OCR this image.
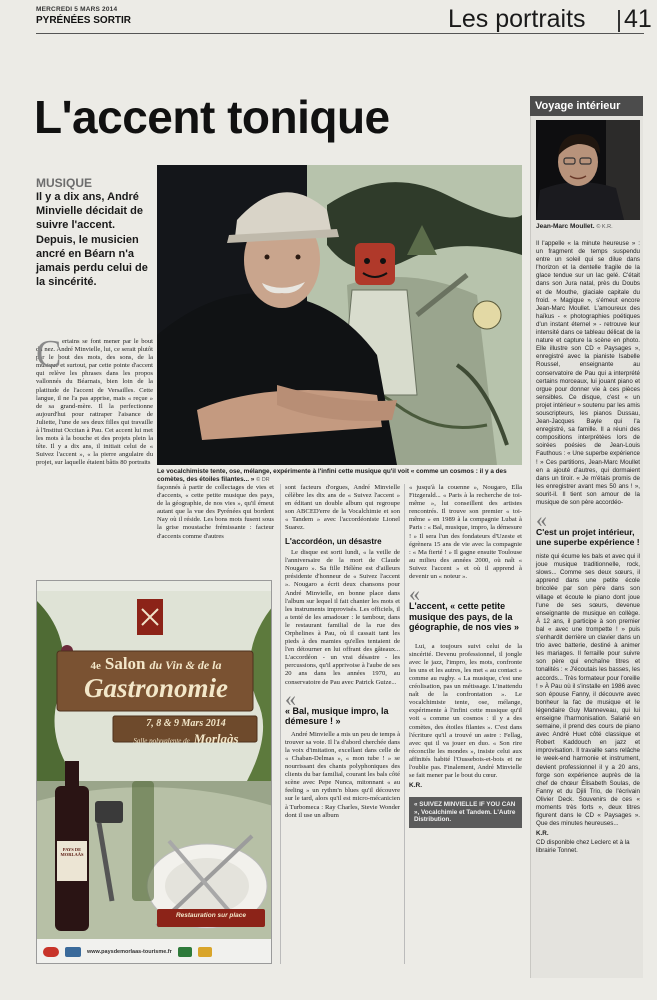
MERCREDI 5 MARS 2014
PYRÉNÉES SORTIR	Les portraits 41
L'accent tonique
MUSIQUE
Il y a dix ans, André Minvielle décidait de suivre l'accent. Depuis, le musicien ancré en Béarn n'a jamais perdu celui de la sincérité.
Le vocalchimiste tente, ose, mélange, expérimente à l'infini cette musique qu'il voit « comme un cosmos : il y a des comètes, des étoiles filantes... » © DR
C ertains se font mener par le bout du nez. André Minvielle, lui, ce serait plutôt par le bout des mots, des sons, de la musique et surtout, par cette pointe d'accent qui relève les phrases dans les propos vallonnés du Béarnais, bien loin de la platitude de l'accent de Versailles. Cette langue, il ne l'a pas apprise, mais « reçue » de sa grand-mère. Il la perfectionne aujourd'hui pour rattraper l'aisance de Juliette, l'une de ses deux filles qui travaille à l'Institut Occitan à Pau. Cet accent lui met les mots à la bouche et des projets plein la tête. Il y a dix ans, il initiait celui de « Suivez l'accent », « la pierre angulaire du projet, sur laquelle étaient bâtis 80 portraits

façonnés à partir de collectages de vies et d'accents, « cette petite musique des pays, de la géographie, de nos vies », qu'il émeut autant que la vue des Pyrénées qui bordent Nay où il réside. Les bons mots fusent sous la grise moustache frémissante : facteur d'accents comme d'autres

sont facteurs d'orgues, André Minvielle célèbre les dix ans de « Suivez l'accent » en éditant un double album qui regroupe son ABCED'erre de la Vocalchimie et son « Tandem » avec l'accordéoniste Lionel Suarez.

L'accordéon, un désastre

Le disque est sorti lundi, « la veille de l'anniversaire de la mort de Claude Nougaro ». Sa fille Hélène est d'ailleurs présidente d'honneur de « Suivez l'accent ». Nougaro a écrit deux chansons pour André Minvielle, en bonne place dans l'album sur lequel il fait chanter les mots et les instruments improvisés. Les officiels, il a tenté de les amadouer : le tambour, dans le restaurant familial de la rue des Orphelines à Pau, où il cassait tant les pieds à des mamies qu'elles tentaient de l'en détourner en lui offrant des gâteaux... L'accordéon - un vrai désastre - les percussions, qu'il apprivoise à l'aube de ses 20 ans dans les années 1970, au conservatoire de Pau avec Patrick Guize...

«
« Bal, musique impro, la démesure ! »

André Minvielle a mis un peu de temps à trouver sa voie. Il l'a d'abord cherchée dans la voix d'imitation, excellant dans celle de « Chaban-Delmas », « mon tube ! » se nourrissant des chants polyphoniques des clients du bar familial, courant les bals côté scène avec Pepe Nunca, mitonnant « au feeling » un rythm'n blues qu'il découvre sur le tard, alors qu'il est micro-mécanicien à Turbomeca : Ray Charles, Stevie Wonder dont il use un album

« jusqu'à la couenne », Nougaro, Ella Fitzgerald... « Paris à la recherche de toi-même », lui conseillent des artistes rencontrés. Il trouve son premier « toi-même » en 1989 à la compagnie Lubat à Paris : « Bal, musique, impro, la démesure ! » Il sera l'un des fondateurs d'Uzeste et égrènera 15 ans de vie avec la compagnie : « Ma fierté ! » Il gagne ensuite Toulouse au milieu des années 2000, où naît « Suivez l'accent » et où il apprend à devenir un « noteur ».

«
L'accent, « cette petite musique des pays, de la géographie, de nos vies »

Lui, a toujours suivi celui de la sincérité. Devenu professionnel, il jongle avec le jazz, l'impro, les mots, confronte les uns et les autres, les met « au contact » comme au rugby. « La musique, c'est une créolisation, pas un métissage. L'inattendu naît de la confrontation ». Le vocalchimiste tente, ose, mélange, expérimente à l'infini cette musique qu'il voit « comme un cosmos : il y a des comètes, des étoiles filantes ». C'est dans l'écriture qu'il a trouvé un astre : Fellag, avec qui il va jouer en duo. « Son rire réconcilie les mondes », insiste celui aux affinités habité l'Oussebois-et-bois et ne l'oublie pas. Finalement, André Minvielle se fait mener par le bout du cœur.

K.R.
« SUIVEZ MINVIELLE IF YOU CAN », Vocalchimie et Tandem. L'Autre Distribution.
4e Salon du Vin & de la
Gastronomie
7, 8 & 9 Mars 2014
Salle polyvalente de Morlaàs
PAYS DE MORLAÀS
Restauration sur place
www.paysdemorlaas-tourisme.fr
Voyage intérieur
Jean-Marc Moullet. © K.R.

Il l'appelle « la minute heureuse » : un fragment de temps suspendu entre un soleil qui se dilue dans l'horizon et la dentelle fragile de la glace tendue sur un lac gelé. C'était dans son Jura natal, près du Doubs et de Mouthe, glaciale capitale du froid. « Magique », s'émeut encore Jean-Marc Moullet. L'amoureux des haïkus - « photographies poétiques d'un instant éternel » - retrouve leur intensité dans ce tableau délicat de la nature et capture la scène en photo. Elle illustre son CD « Paysages », enregistré avec la pianiste Isabelle Roussel, enseignante au conservatoire de Pau qui a interprété certains morceaux, lui jouant piano et orgue pour donner vie à ces pièces sensibles. Ce disque, c'est « un projet intérieur » soutenu par les amis souscripteurs, les pianos Dussau, Jean-Jacques Bayle qui l'a enregistré, sa famille. Il a réuni des compositions interprétées lors de soirées poésies de Jean-Louis Fauthous : « Une superbe expérience ! » Ces partitions, Jean-Marc Moullet en a ajouté d'autres, qui dormaient dans un tiroir. « Je m'étais promis de les enregistrer avant mes 50 ans ! », sourit-il. Il tient son amour de la musique de son père accordéo-

«
C'est un projet intérieur, une superbe expérience !

niste qui écume les bals et avec qui il joue musique traditionnelle, rock, slows... Comme ses deux sœurs, il apprend dans une petite école bricolée par son père dans son village et écoute le piano dont joue l'une de ses sœurs, devenue enseignante de musique en collège. À 12 ans, il participe à son premier bal « avec une trompette ! » puis s'enhardit derrière un clavier dans un trio avec batterie, destiné à animer les mariages. Il ferraille pour suivre son père qui enchaîne titres et tonalités : « J'écoutais les basses, les accords... Très formateur pour l'oreille ! » À Pau où il s'installe en 1986 avec son épouse Fanny, il découvre avec bonheur la fac de musique et le légendaire Guy Manneveau, qui lui enseigne l'harmonisation. Salarié en semaine, il prend des cours de piano avec André Huet côté classique et Robert Kaddouch en jazz et improvisation. Il travaille sans relâche le week-end harmonie et instrument, devient professionnel il y a 20 ans, forge son expérience auprès de la chef de chœur Élisabeth Soulas, de Fanny et du Djili Trio, de l'écrivain Olivier Deck. Souvenirs de ces « moments très forts », deux titres figurent dans le CD « Paysages ». Que des minutes heureuses...

K.R.

CD disponible chez Leclerc et à la librairie Tonnet.
